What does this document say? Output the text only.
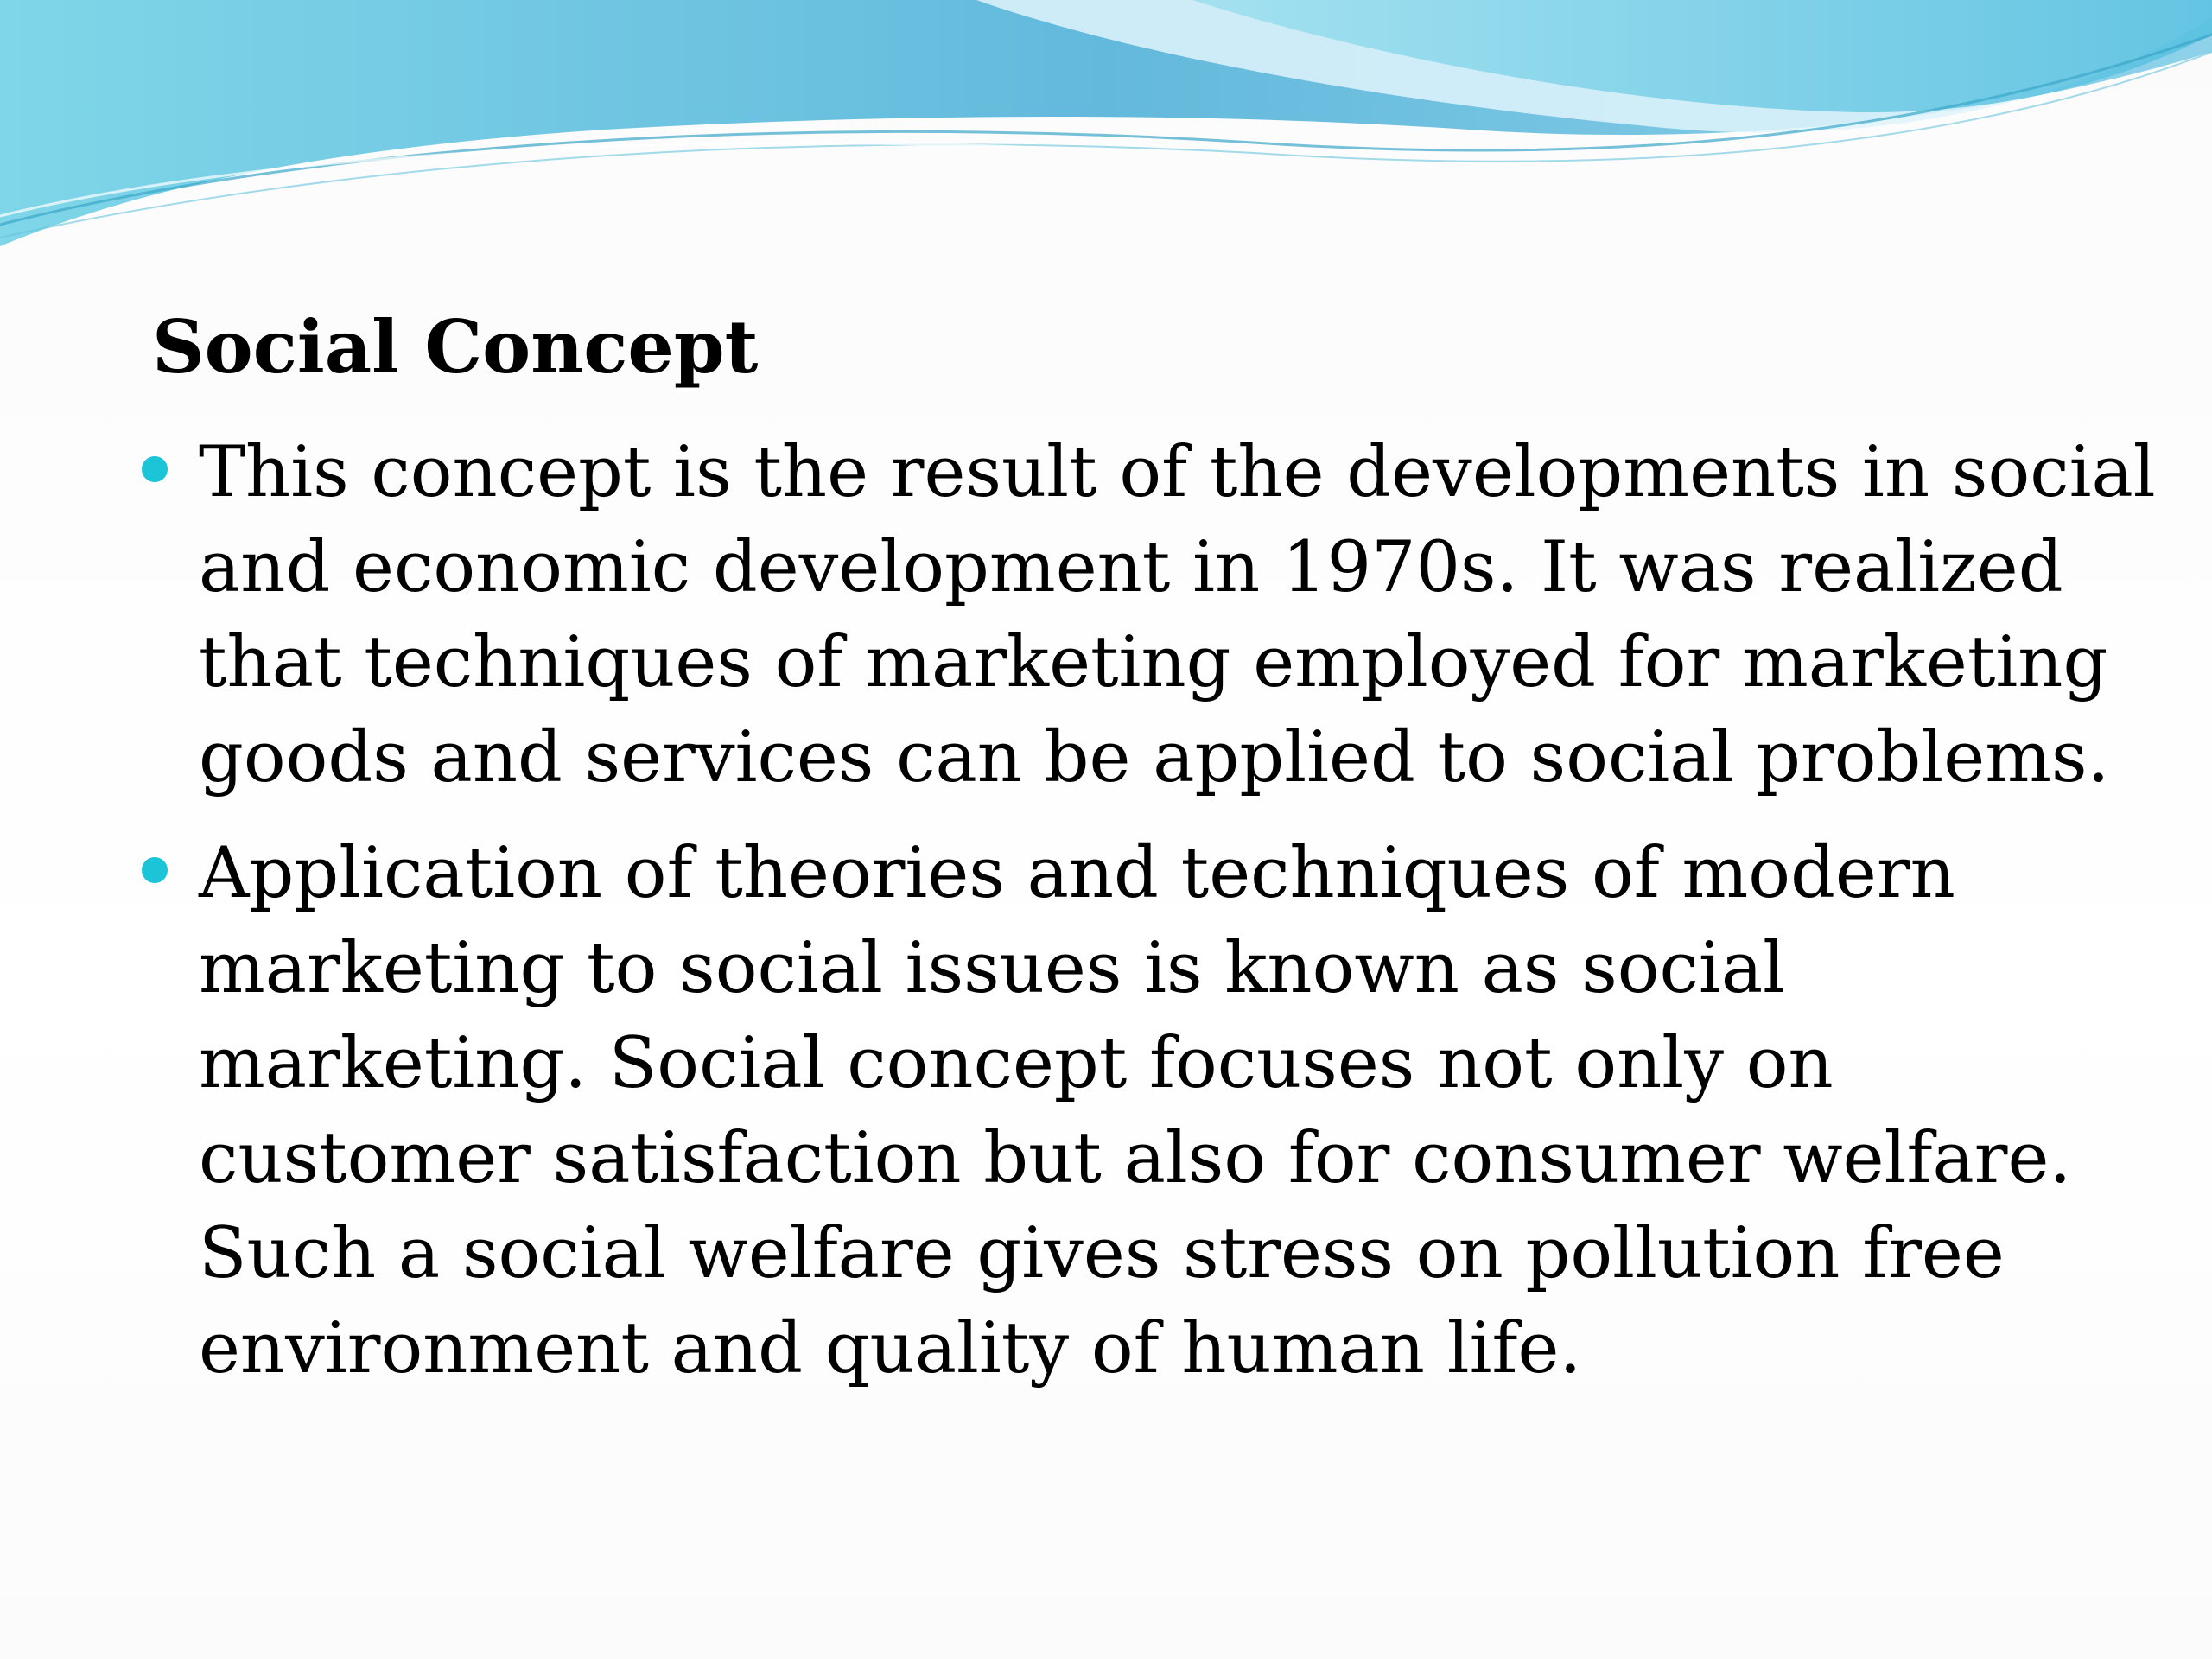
Social Concept
This concept is the result of the developments in social
and economic development in 1970s. It was realized
that techniques of marketing employed for marketing
goods and services can be applied to social problems.
Application of theories and techniques of modern
marketing to social issues is known as social
marketing. Social concept focuses not only on
customer satisfaction but also for consumer welfare.
Such a social welfare gives stress on pollution free
environment and quality of human life.
